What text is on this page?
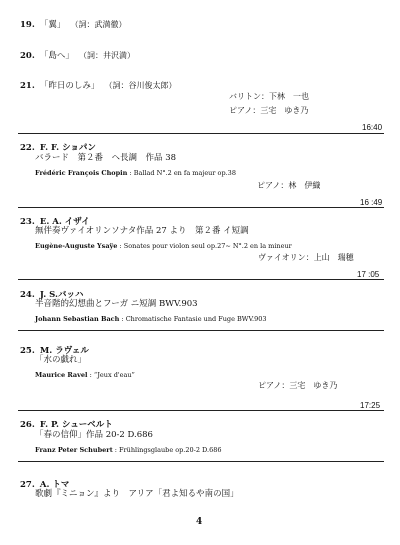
19. 「翼」 （詞：武満徹）
20. 「島へ」 （詞：井沢満）
21. 「昨日のしみ」 （詞：谷川俊太郎）
バリトン：下林　一也
ピアノ：三宅　ゆき乃
16:40
22. F. F. ショパン
バラード　第２番　ヘ長調　作品 38
Frédéric François Chopin : Ballad N°.2 en fa majeur op.38
ピアノ：林　伊織
16 :49
23. E. A. イザイ
無伴奏ヴァイオリンソナタ作品 27 より　第２番 イ短調
Eugène-Auguste Ysaÿe : Sonates pour violon seul op.27~ N°.2 en la mineur
ヴァイオリン：上山　瑞穂
17 :05
24. J. S.バッハ
半音階的幻想曲とフーガ ニ短調 BWV.903
Johann Sebastian Bach : Chromatische Fantasie und Fuge BWV.903
25. M. ラヴェル
「水の戯れ」
Maurice Ravel : “Jeux d'eau”
ピアノ：三宅　ゆき乃
17:25
26. F. P. シューベルト
「春の信仰」作品 20-2 D.686
Franz Peter Schubert : Frühlingsglaube op.20-2 D.686
27. A. トマ
歌劇『ミニョン』より　アリア「君よ知るや南の国」
4
